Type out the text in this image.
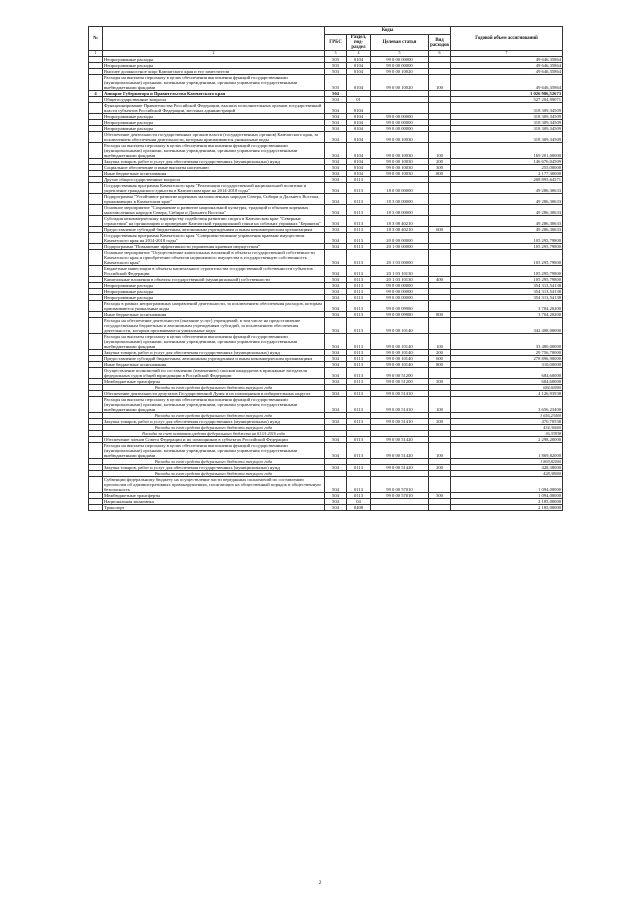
№		Коды				Годовой объем ассигнований
		ГРБС	Раздел, под-раздел	Целевая статья	Вид расходов	
1	2	3	4	5	6	7
	Непрограммные расходы	503	0104	99 0 00 00000		49 646,35864
	Непрограммные расходы	503	0104	99 0 00 00000		49 646,35864
	Высшее должностное лицо Камчатского края и его заместители	503	0104	99 0 00 10020		49 646,35864
	Расходы на выплаты персоналу в целях обеспечения выполнения функций государственными (муниципальными) органами, казенными учреждениями, органами управления государственными внебюджетными фондами	503	0104	99 0 00 10020	100	49 646,35864
4	Аппарат Губернатора и Правительства Камчатского края	504				1 026 986,52673
	Общегосударственные вопросы	504	01			527 204,99071
	Функционирование Правительства Российской Федерации, высших исполнительных органов государственной власти субъектов Российской Федерации, местных администраций	504	0104			318 309,34509
	Непрограммные расходы	504	0104	99 0 00 00000		318 309,34509
	Непрограммные расходы	504	0104	99 0 00 00000		318 309,34509
	Непрограммные расходы	504	0104	99 0 00 00000		318 309,34509
	Обеспечение деятельности государственных органов власти (государственных органов) Камчатского края, за исключением обеспечения деятельности, которым присваиваются уникальные коды	504	0104	99 0 00 10030		318 309,34509
	Расходы на выплаты персоналу в целях обеспечения выполнения функций государственными (муниципальными) органами, казенными учреждениями, органами управления государственными внебюджетными фондами	504	0104	99 0 00 10030	100	169 201,00000
	Закупка товаров, работ и услуг для обеспечения государственных (муниципальных) нужд	504	0104	99 0 00 10030	200	146 676,04509
	Социальное обеспечение и иные выплаты населению	504	0104	99 0 00 10030	300	255,00000
	Иные бюджетные ассигнования	504	0104	99 0 00 10030	800	2 177,30000
	Другие общегосударственные вопросы	504	0113			208 895,64571
	Государственная программа Камчатского края "Реализация государственной национальной политики и укрепление гражданского единства в Камчатском крае на 2014-2018 годы"	504	0113	18 0 00 00000		49 286,30633
	Подпрограмма "Устойчивое развитие коренных малочисленных народов Севера, Сибири и Дальнего Востока, проживающих в Камчатском крае"	504	0113	18 3 00 00000		49 286,30633
	Основное мероприятие "Сохранение и развитие национальной культуры, традиций и обычаев коренных малочисленных народов Севера, Сибири и Дальнего Востока"	504	0113	18 3 08 00000		49 286,30633
	Субсидия некоммерческому партнерству содействия развитию спорта в Камчатском крае "Северные странствия" на организацию и проведение Камчатской традиционной гонки на собачьих упряжках "Берингия"	504	0113	18 3 08 40210		49 286,30633
	Предоставление субсидий бюджетным, автономным учреждениям и иным некоммерческим организациям	504	0113	18 3 08 40210	600	49 286,30633
	Государственная программа Камчатского края "Совершенствование управления краевым имуществом Камчатского края на 2014-2018 годы"	504	0113	20 0 00 00000		105 295,79800
	Подпрограмма "Повышение эффективности управления краевым имуществом"	504	0113	20 1 00 00000		105 295,79800
	Основное мероприятие "Осуществление капитальных вложений в объекты государственной собственности Камчатского края и приобретение объектов недвижимого имущества в государственную собственность Камчатского края"	504	0113	20 1 03 00000		105 295,79800
	Бюджетные инвестиции в объекты капитального строительства государственной собственности субъектов Российской Федерации	504	0113	20 1 03 10130		105 295,79800
	Капитальные вложения в объекты государственной (муниципальной) собственности	504	0113	20 1 03 10130	400	105 295,79800
	Непрограммные расходы	504	0113	99 0 00 00000		354 313,54138
	Непрограммные расходы	504	0113	99 0 00 00000		354 313,54138
	Непрограммные расходы	504	0113	99 0 00 00000		354 313,54138
	Расходы в рамках непрограммных направлений деятельности, за исключением обеспечения расходов, которым присваиваются уникальные коды	504	0113	99 0 00 09980		3 704,20200
	Иные бюджетные ассигнования	504	0113	99 0 00 09980	800	3 704,20200
	Расходы на обеспечение деятельности (оказание услуг) учреждений, в том числе на предоставление государственным бюджетным и автономным учреждениям субсидий, за исключением обеспечения деятельности, которым присваиваются уникальные коды	504	0113	99 0 00 10140		342 408,00000
	Расходы на выплаты персоналу в целях обеспечения выполнения функций государственными (муниципальными) органами, казенными учреждениями, органами управления государственными внебюджетными фондами	504	0113	99 0 00 10140	100	33 480,00000
	Закупка товаров, работ и услуг для обеспечения государственных (муниципальных) нужд	504	0113	99 0 00 10140	200	29 756,70000
	Предоставление субсидий бюджетным, автономным учреждениям и иным некоммерческим организациям	504	0113	99 0 00 10140	600	278 896,90000
	Иные бюджетные ассигнования	504	0113	99 0 00 10140	800	310,00000
	Осуществление полномочий по составлению (изменению) списков кандидатов в присяжные заседатели федеральных судов общей юрисдикции в Российской Федерации	504	0113	99 0 00 51200		684,60000
	Межбюджетные трансферты	504	0113	99 0 00 51200	500	684,60000
	Расходы за счет средств федерального бюджета текущего года					684,60000
	Обеспечение деятельности депутатов Государственной Думы и их помощников в избирательных округах	504	0113	99 0 00 51410		4 126,93938
	Расходы на выплаты персоналу в целях обеспечения выполнения функций государственными (муниципальными) органами, казенными учреждениями, органами управления государственными внебюджетными фондами	504	0113	99 0 00 51410	100	3 656,23400
	Расходы за счет средств федерального бюджета текущего года					3 656,23400
	Закупка товаров, работ и услуг для обеспечения государственных (муниципальных) нужд	504	0113	99 0 00 51410	200	470,70538
	Расходы за счет средств федерального бюджета текущего года					434,36600
	Расходы за счет остатков средств федерального бюджета на 01.01.2016 года					36,33938
	Обеспечение членов Совета Федерации и их помощников в субъектах Российской Федерации	504	0113	99 0 00 51420		2 298,20000
	Расходы на выплаты персоналу в целях обеспечения выполнения функций государственными (муниципальными) органами, казенными учреждениями, органами управления государственными внебюджетными фондами	504	0113	99 0 00 51420	100	1 869,82000
	Расходы за счет средств федерального бюджета текущего года					1 869,82000
	Закупка товаров, работ и услуг для обеспечения государственных (муниципальных) нужд	504	0113	99 0 00 51420	200	428,38000
	Расходы за счет средств федерального бюджета текущего года					428,38000
	Субвенции федеральному бюджету на осуществление части переданных полномочий по составлению протоколов об административных правонарушениях, посягающих на общественный порядок и общественную безопасность	504	0113	99 0 00 57010		1 094,00000
	Межбюджетные трансферты	504	0113	99 0 00 57010	500	1 094,00000
	Национальная экономика	504	04			2 185,00000
	Транспорт	504	0408			2 185,00000
2
